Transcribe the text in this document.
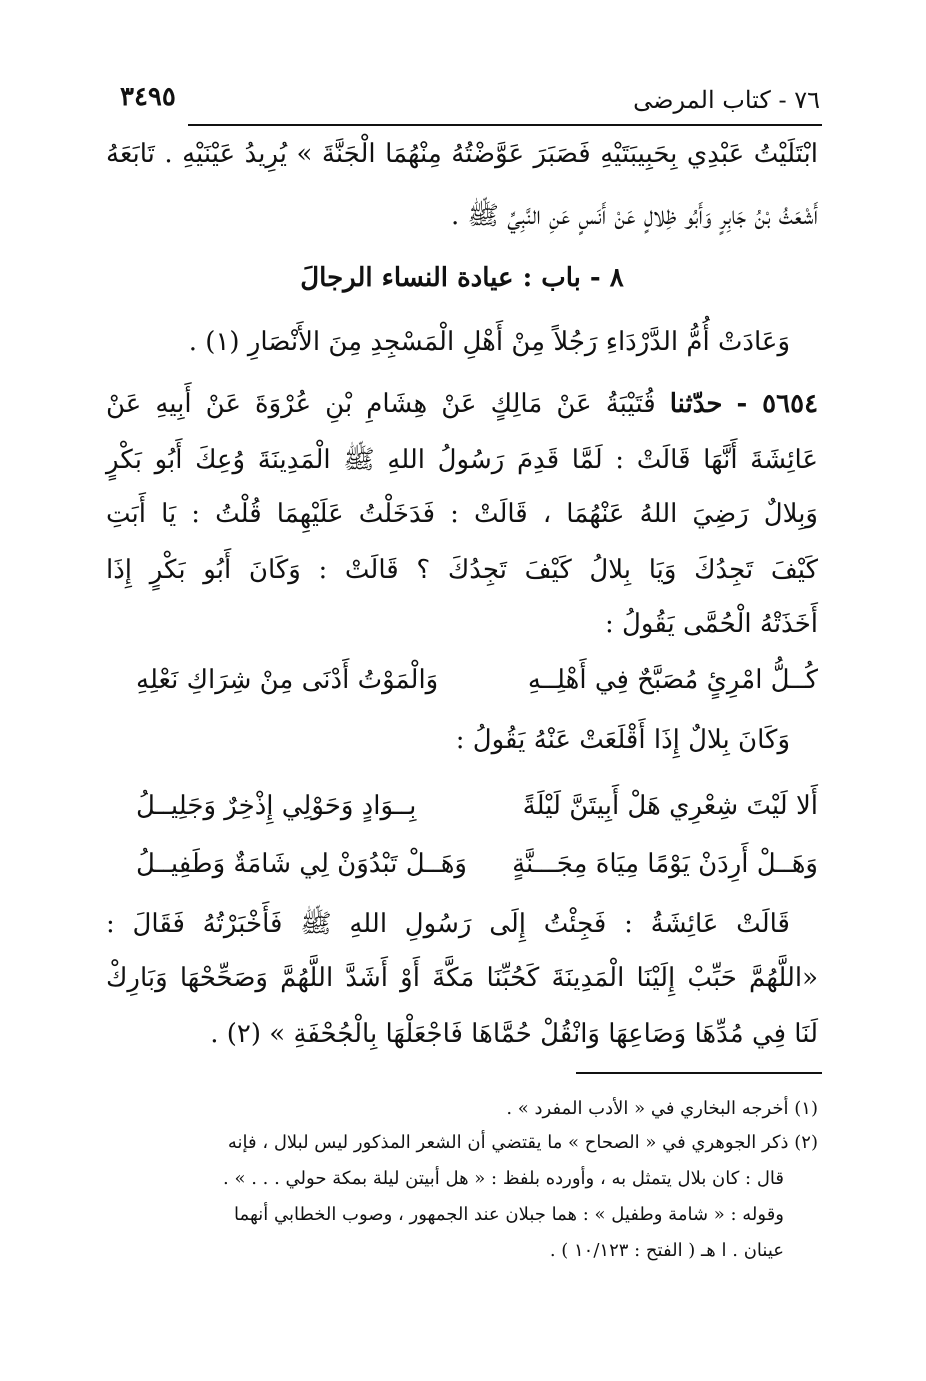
٧٦ - كتاب المرضى
٣٤٩٥
ابْتَلَيْتُ عَبْدِي بِحَبِيبَتَيْهِ فَصَبَرَ عَوَّضْتُهُ مِنْهُمَا الْجَنَّةَ » يُرِيدُ عَيْنَيْهِ . تَابَعَهُ
أَشْعَثُ بْنُ جَابِرٍ وَأَبُو ظِلالٍ عَنْ أَنَسٍ عَنِ النَّبِيِّ ﷺ .
٨ - باب : عيادة النساء الرجالَ
وَعَادَتْ أُمُّ الدَّرْدَاءِ رَجُلاً مِنْ أَهْلِ الْمَسْجِدِ مِنَ الأَنْصَارِ (١) .
٥٦٥٤ - حدّثنا قُتَيْبَةُ عَنْ مَالِكٍ عَنْ هِشَامِ بْنِ عُرْوَةَ عَنْ أَبِيهِ عَنْ
عَائِشَةَ أَنَّهَا قَالَتْ : لَمَّا قَدِمَ رَسُولُ اللهِ ﷺ الْمَدِينَةَ وُعِكَ أَبُو بَكْرٍ
وَبِلالٌ رَضِيَ اللهُ عَنْهُمَا ، قَالَتْ : فَدَخَلْتُ عَلَيْهِمَا قُلْتُ : يَا أَبَتِ
كَيْفَ تَجِدُكَ وَيَا بِلالُ كَيْفَ تَجِدُكَ ؟ قَالَتْ : وَكَانَ أَبُو بَكْرٍ إِذَا
أَخَذَتْهُ الْحُمَّى يَقُولُ :
كُــلُّ امْرِئٍ مُصَبَّحٌ فِي أَهْلِــهِ
وَالْمَوْتُ أَدْنَى مِنْ شِرَاكِ نَعْلِهِ
وَكَانَ بِلالٌ إِذَا أَقْلَعَتْ عَنْهُ يَقُولُ :
أَلا لَيْتَ شِعْرِي هَلْ أَبِيتَنَّ لَيْلَةً
بِــوَادٍ وَحَوْلِي إِذْخِرٌ وَجَلِيــلُ
وَهَــلْ أَرِدَنْ يَوْمًا مِيَاهَ مِجَـــنَّةٍ
وَهَــلْ تَبْدُوَنْ لِي شَامَةٌ وَطَفِيــلُ
قَالَتْ عَائِشَةُ : فَجِئْتُ إِلَى رَسُولِ اللهِ ﷺ فَأَخْبَرْتُهُ فَقَالَ :
«اللَّهُمَّ حَبِّبْ إِلَيْنَا الْمَدِينَةَ كَحُبِّنَا مَكَّةَ أَوْ أَشَدَّ اللَّهُمَّ وَصَحِّحْهَا وَبَارِكْ
لَنَا فِي مُدِّهَا وَصَاعِهَا وَانْقُلْ حُمَّاهَا فَاجْعَلْهَا بِالْجُحْفَةِ » (٢) .
(١) أخرجه البخاري في « الأدب المفرد » .
(٢) ذكر الجوهري في « الصحاح » ما يقتضي أن الشعر المذكور ليس لبلال ، فإنه
قال : كان بلال يتمثل به ، وأورده بلفظ : « هل أبيتن ليلة بمكة حولي . . . » .
وقوله : « شامة وطفيل » : هما جبلان عند الجمهور ، وصوب الخطابي أنهما
عينان . ا هـ ( الفتح : ١٠/١٢٣ ) .
